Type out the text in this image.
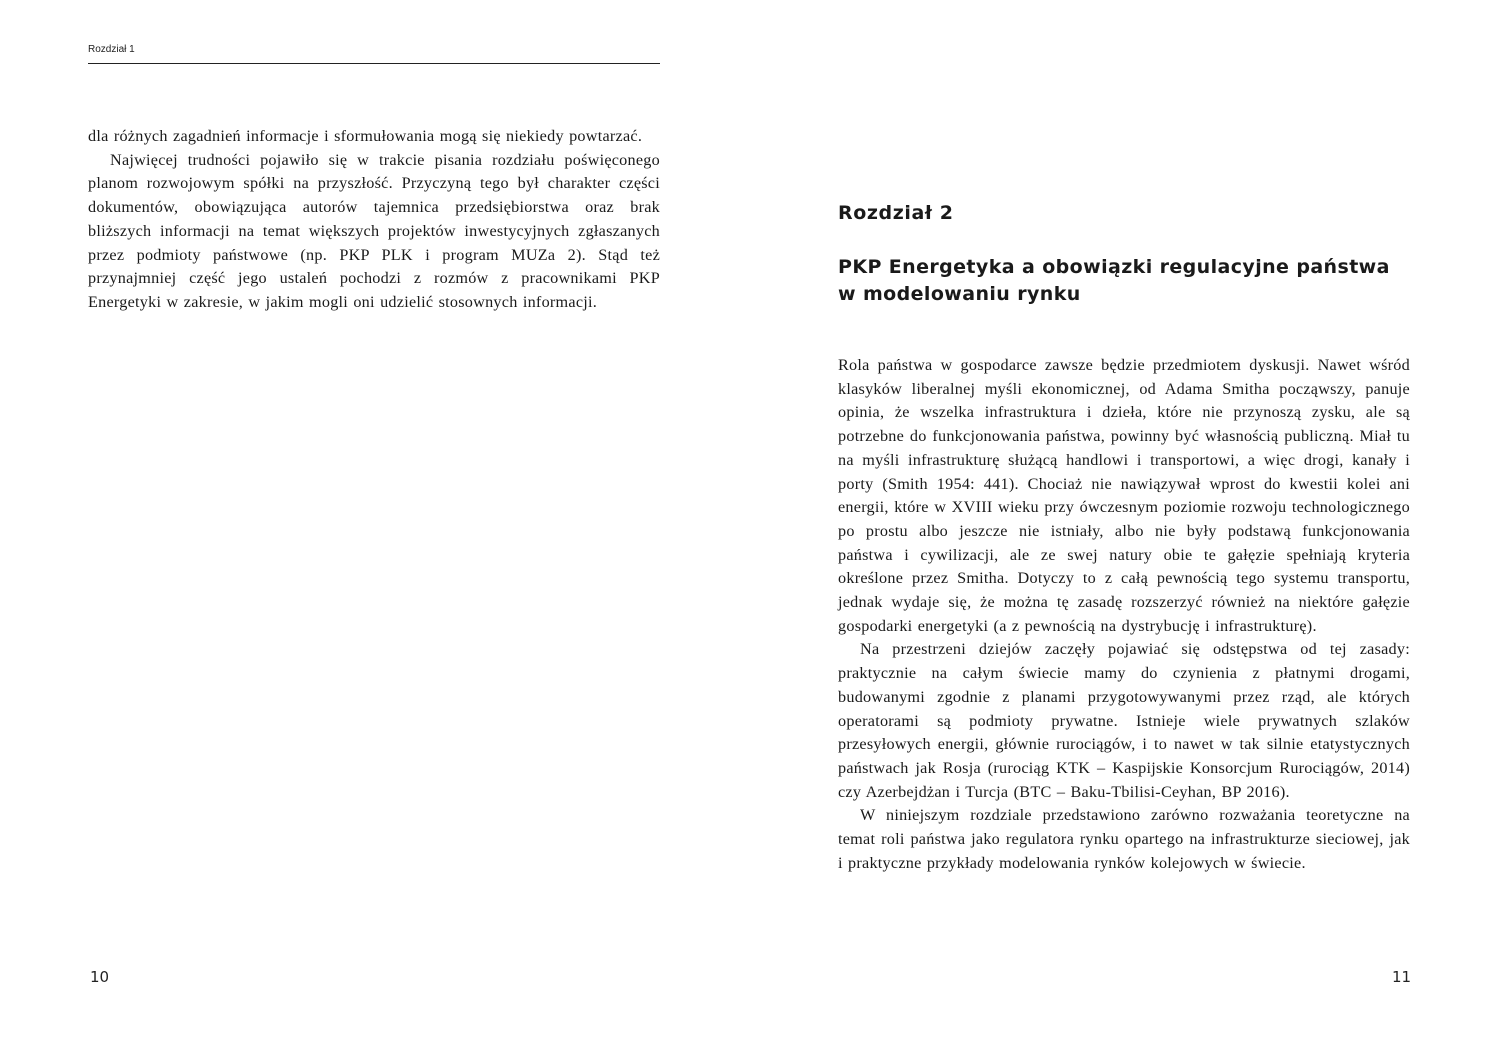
Rozdział 1

dla różnych zagadnień informacje i sformułowania mogą się niekiedy powtarzać.

Najwięcej trudności pojawiło się w trakcie pisania rozdziału poświęconego planom rozwojowym spółki na przyszłość. Przyczyną tego był charakter części dokumentów, obowiązująca autorów tajemnica przedsiębiorstwa oraz brak bliższych informacji na temat większych projektów inwestycyjnych zgłaszanych przez podmioty państwowe (np. PKP PLK i program MUZa 2). Stąd też przynajmniej część jego ustaleń pochodzi z rozmów z pracownikami PKP Energetyki w zakresie, w jakim mogli oni udzielić stosownych informacji.

10
Rozdział 2
PKP Energetyka a obowiązki regulacyjne państwa
w modelowaniu rynku

Rola państwa w gospodarce zawsze będzie przedmiotem dyskusji. Nawet wśród klasyków liberalnej myśli ekonomicznej, od Adama Smitha począwszy, panuje opinia, że wszelka infrastruktura i dzieła, które nie przynoszą zysku, ale są potrzebne do funkcjonowania państwa, powinny być własnością publiczną. Miał tu na myśli infrastrukturę służącą handlowi i transportowi, a więc drogi, kanały i porty (Smith 1954: 441). Chociaż nie nawiązywał wprost do kwestii kolei ani energii, które w XVIII wieku przy ówczesnym poziomie rozwoju technologicznego po prostu albo jeszcze nie istniały, albo nie były podstawą funkcjonowania państwa i cywilizacji, ale ze swej natury obie te gałęzie spełniają kryteria określone przez Smitha. Dotyczy to z całą pewnością tego systemu transportu, jednak wydaje się, że można tę zasadę rozszerzyć również na niektóre gałęzie gospodarki energetyki (a z pewnością na dystrybucję i infrastrukturę).

Na przestrzeni dziejów zaczęły pojawiać się odstępstwa od tej zasady: praktycznie na całym świecie mamy do czynienia z płatnymi drogami, budowanymi zgodnie z planami przygotowywanymi przez rząd, ale których operatorami są podmioty prywatne. Istnieje wiele prywatnych szlaków przesyłowych energii, głównie rurociągów, i to nawet w tak silnie etatystycznych państwach jak Rosja (rurociąg KTK – Kaspijskie Konsorcjum Rurociągów, 2014) czy Azerbejdżan i Turcja (BTC – Baku-Tbilisi-Ceyhan, BP 2016).

W niniejszym rozdziale przedstawiono zarówno rozważania teoretyczne na temat roli państwa jako regulatora rynku opartego na infrastrukturze sieciowej, jak i praktyczne przykłady modelowania rynków kolejowych w świecie.

11
